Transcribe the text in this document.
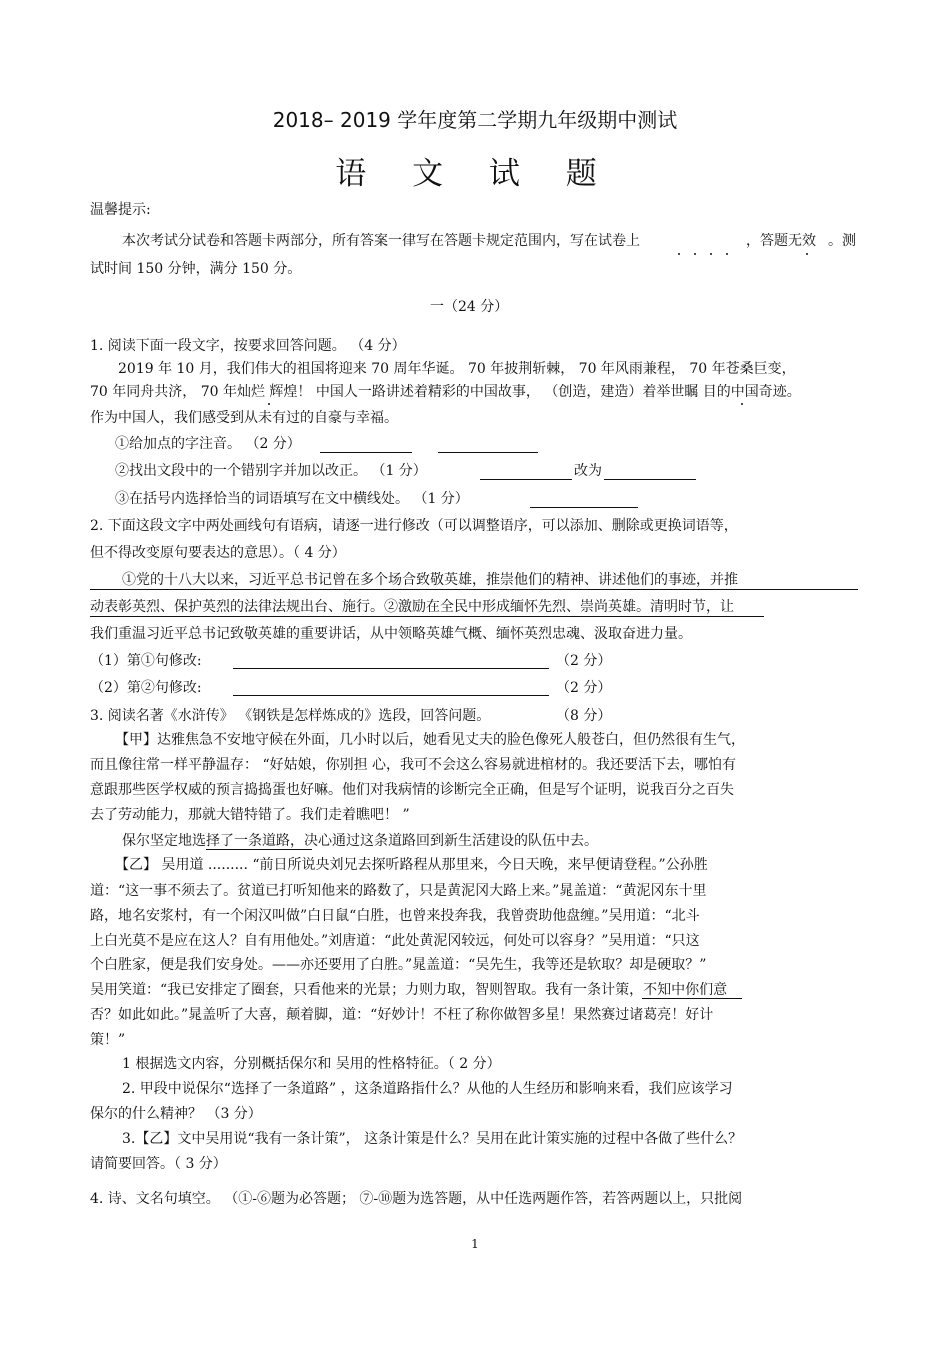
2018– 2019 学年度第二学期九年级期中测试
语 文 试 题
温馨提示:
本次考试分试卷和答题卡两部分，所有答案一律写在答题卡规定范围内，写在试卷上	，答题无效 。测
试时间 150 分钟，满分 150 分。
一（24 分）
1. 阅读下面一段文字，按要求回答问题。 （4 分）
2019 年 10 月，我们伟大的祖国将迎来 70 周年华诞。 70 年披荆斩棘， 70 年风雨兼程， 70 年苍桑巨变，
70 年同舟共济， 70 年灿烂 辉煌！ 中国人一路讲述着精彩的中国故事， （创造，建造）着举世瞩 目的中国奇迹。
作为中国人，我们感受到从未有过的自豪与幸福。
①给加点的字注音。 （2 分）
②找出文段中的一个错别字并加以改正。 （1 分）	改为
③在括号内选择恰当的词语填写在文中横线处。 （1 分）
2. 下面这段文字中两处画线句有语病，请逐一进行修改（可以调整语序，可以添加、删除或更换词语等，
但不得改变原句要表达的意思）。（ 4 分）
①党的十八大以来，习近平总书记曾在多个场合致敬英雄，推崇他们的精神、讲述他们的事迹，并推
动表彰英烈、保护英烈的法律法规出台、施行。②激励在全民中形成缅怀先烈、崇尚英雄。清明时节，让
我们重温习近平总书记致敬英雄的重要讲话，从中领略英雄气概、缅怀英烈忠魂、汲取奋进力量。
（1）第①句修改:	（2 分）
（2）第②句修改:	（2 分）
3. 阅读名著《水浒传》 《钢铁是怎样炼成的》选段，回答问题。	（8 分）
【甲】达雅焦急不安地守候在外面，几小时以后，她看见丈夫的脸色像死人般苍白，但仍然很有生气，
而且像往常一样平静温存： “好姑娘，你别担 心，我可不会这么容易就进棺材的。我还要活下去，哪怕有
意跟那些医学权威的预言捣捣蛋也好嘛。他们对我病情的诊断完全正确，但是写个证明，说我百分之百失
去了劳动能力，那就大错特错了。我们走着瞧吧！ ”
保尔坚定地选择了一条道路，决心通过这条道路回到新生活建设的队伍中去。
【乙】 吴用道 ......... “前日所说央刘兄去探听路程从那里来，今日天晚，来早便请登程。”公孙胜
道：“这一事不须去了。贫道已打听知他来的路数了，只是黄泥冈大路上来。”晁盖道：“黄泥冈东十里
路，地名安浆村，有一个闲汉叫做”白日鼠“白胜，也曾来投奔我，我曾赍助他盘缠。”吴用道：“北斗
上白光莫不是应在这人？自有用他处。”刘唐道：“此处黄泥冈较远，何处可以容身？”吴用道：“只这
个白胜家，便是我们安身处。——亦还要用了白胜。”晁盖道：“吴先生，我等还是软取？却是硬取？”
吴用笑道：“我已安排定了圈套，只看他来的光景；力则力取，智则智取。我有一条计策，不知中你们意
否？如此如此。”晁盖听了大喜，颠着脚，道：“好妙计！不枉了称你做智多星！果然赛过诸葛亮！好计
策！”
1 根据选文内容，分别概括保尔和 吴用的性格特征。（ 2 分）
2. 甲段中说保尔“选择了一条道路” ，这条道路指什么？从他的人生经历和影响来看，我们应该学习
保尔的什么精神？ （3 分）
3.【乙】文中吴用说“我有一条计策”， 这条计策是什么？吴用在此计策实施的过程中各做了些什么？
请简要回答。（ 3 分）
4. 诗、文名句填空。 （①-⑥题为必答题； ⑦-⑩题为选答题，从中任选两题作答，若答两题以上，只批阅
1
